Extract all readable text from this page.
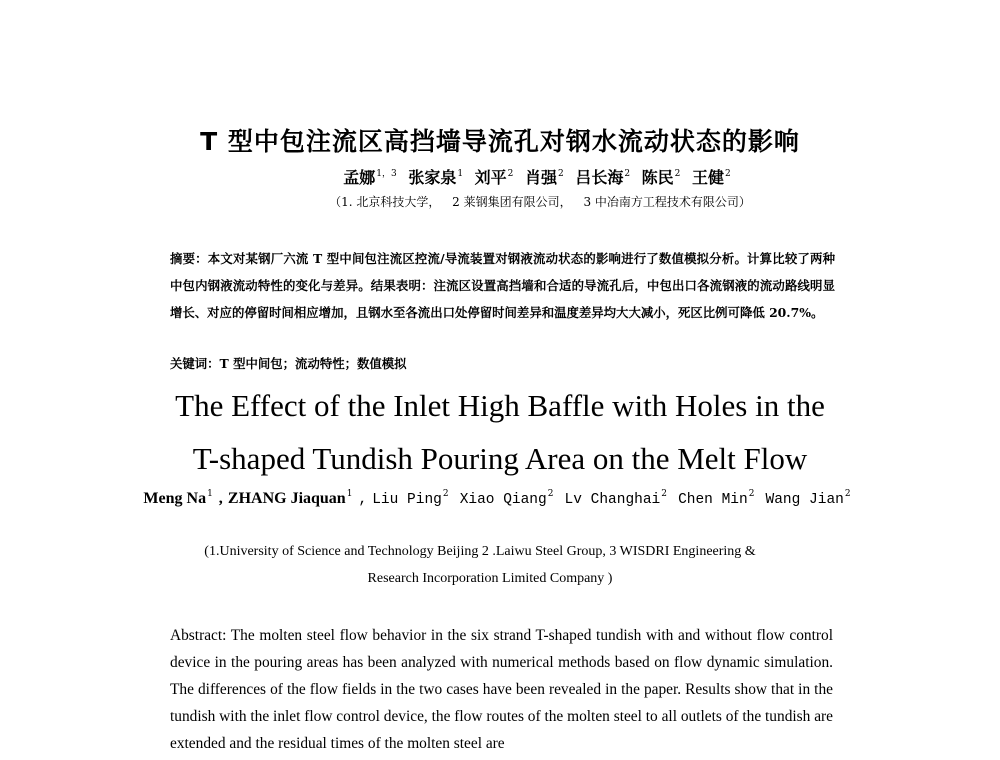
T 型中包注流区高挡墙导流孔对钢水流动状态的影响
孟娜$^{1,3}$ 张家泉$^1$ 刘平$^2$ 肖强$^2$ 吕长海$^2$ 陈民$^2$ 王健$^2$
（1. 北京科技大学， 2 莱钢集团有限公司， 3 中冶南方工程技术有限公司）
摘要：本文对某钢厂六流 T 型中间包注流区控流/导流装置对钢液流动状态的影响进行了数值模拟分析。计算比较了两种中包内钢液流动特性的变化与差异。结果表明：注流区设置高挡墙和合适的导流孔后，中包出口各流钢液的流动路线明显增长、对应的停留时间相应增加，且钢水至各流出口处停留时间差异和温度差异均大大减小，死区比例可降低 20.7%。
关键词：T 型中间包；流动特性；数值模拟
The Effect of the Inlet High Baffle with Holes in the
T-shaped Tundish Pouring Area on the Melt Flow
Meng Na$^1$ , ZHANG Jiaquan$^1$ , Liu Ping$^2$ Xiao Qiang$^2$ Lv Changhai$^2$ Chen Min$^2$ Wang Jian$^2$
(1.University of Science and Technology Beijing 2 .Laiwu Steel Group, 3 WISDRI Engineering &
Research Incorporation Limited Company )
Abstract: The molten steel flow behavior in the six strand T-shaped tundish with and without flow control device in the pouring areas has been analyzed with numerical methods based on flow dynamic simulation. The differences of the flow fields in the two cases have been revealed in the paper. Results show that in the tundish with the inlet flow control device, the flow routes of the molten steel to all outlets of the tundish are extended and the residual times of the molten steel are
